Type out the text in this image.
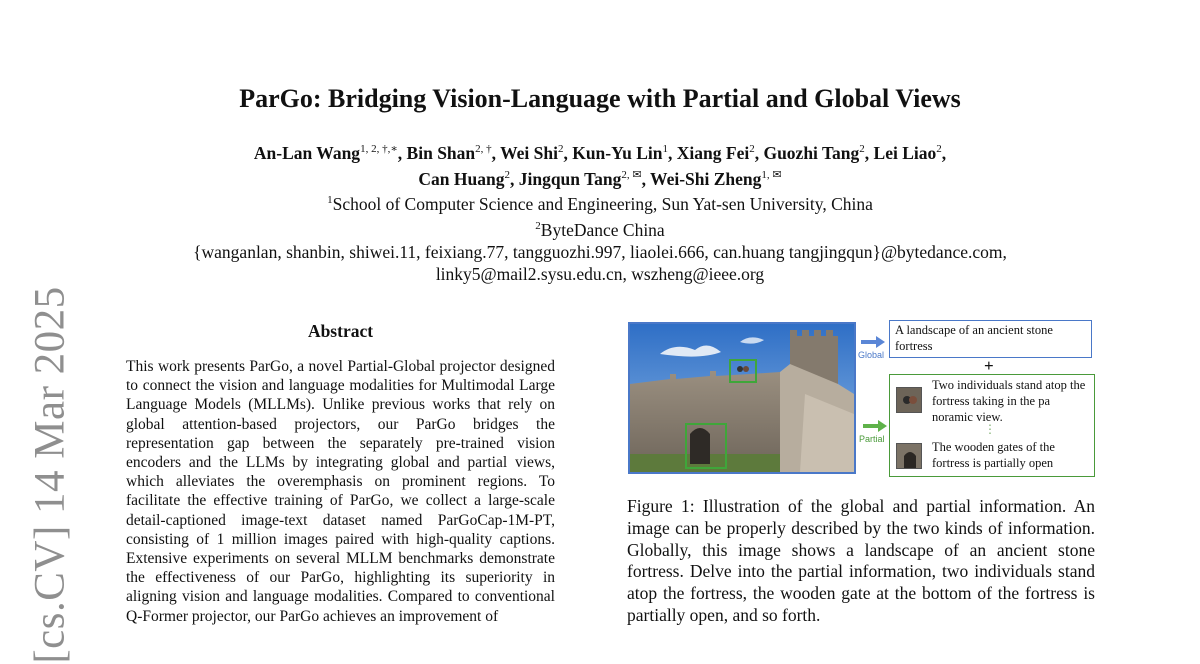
[cs.CV] 14 Mar 2025
ParGo: Bridging Vision-Language with Partial and Global Views
An-Lan Wang$^{1, 2, \dagger,∗}$, Bin Shan$^{2, \dagger}$, Wei Shi$^2$, Kun-Yu Lin$^1$, Xiang Fei$^2$, Guozhi Tang$^2$, Lei Liao$^2$,
Can Huang$^2$, Jingqun Tang$^{2, ✉}$, Wei-Shi Zheng$^{1, ✉}$
$^1$School of Computer Science and Engineering, Sun Yat-sen University, China
$^2$ByteDance China
{wanganlan, shanbin, shiwei.11, feixiang.77, tangguozhi.997, liaolei.666, can.huang tangjingqun}@bytedance.com,
linky5@mail2.sysu.edu.cn, wszheng@ieee.org
Abstract
This work presents ParGo, a novel Partial-Global projector designed to connect the vision and language modalities for Multimodal Large Language Models (MLLMs). Unlike previous works that rely on global attention-based projectors, our ParGo bridges the representation gap between the separately pre-trained vision encoders and the LLMs by integrating global and partial views, which alleviates the overemphasis on prominent regions. To facilitate the effective training of ParGo, we collect a large-scale detail-captioned image-text dataset named ParGoCap-1M-PT, consisting of 1 million images paired with high-quality captions. Extensive experiments on several MLLM benchmarks demonstrate the effectiveness of our ParGo, highlighting its superiority in aligning vision and language modalities. Compared to conventional Q-Former projector, our ParGo achieves an improvement of
Global
Partial
A landscape of an ancient stone fortress
+
Two individuals stand atop the fortress taking in the pa noramic view.
The wooden gates of the fortress is partially open
⋮
Figure 1: Illustration of the global and partial information. An image can be properly described by the two kinds of information. Globally, this image shows a landscape of an ancient stone fortress. Delve into the partial information, two individuals stand atop the fortress, the wooden gate at the bottom of the fortress is partially open, and so forth.
